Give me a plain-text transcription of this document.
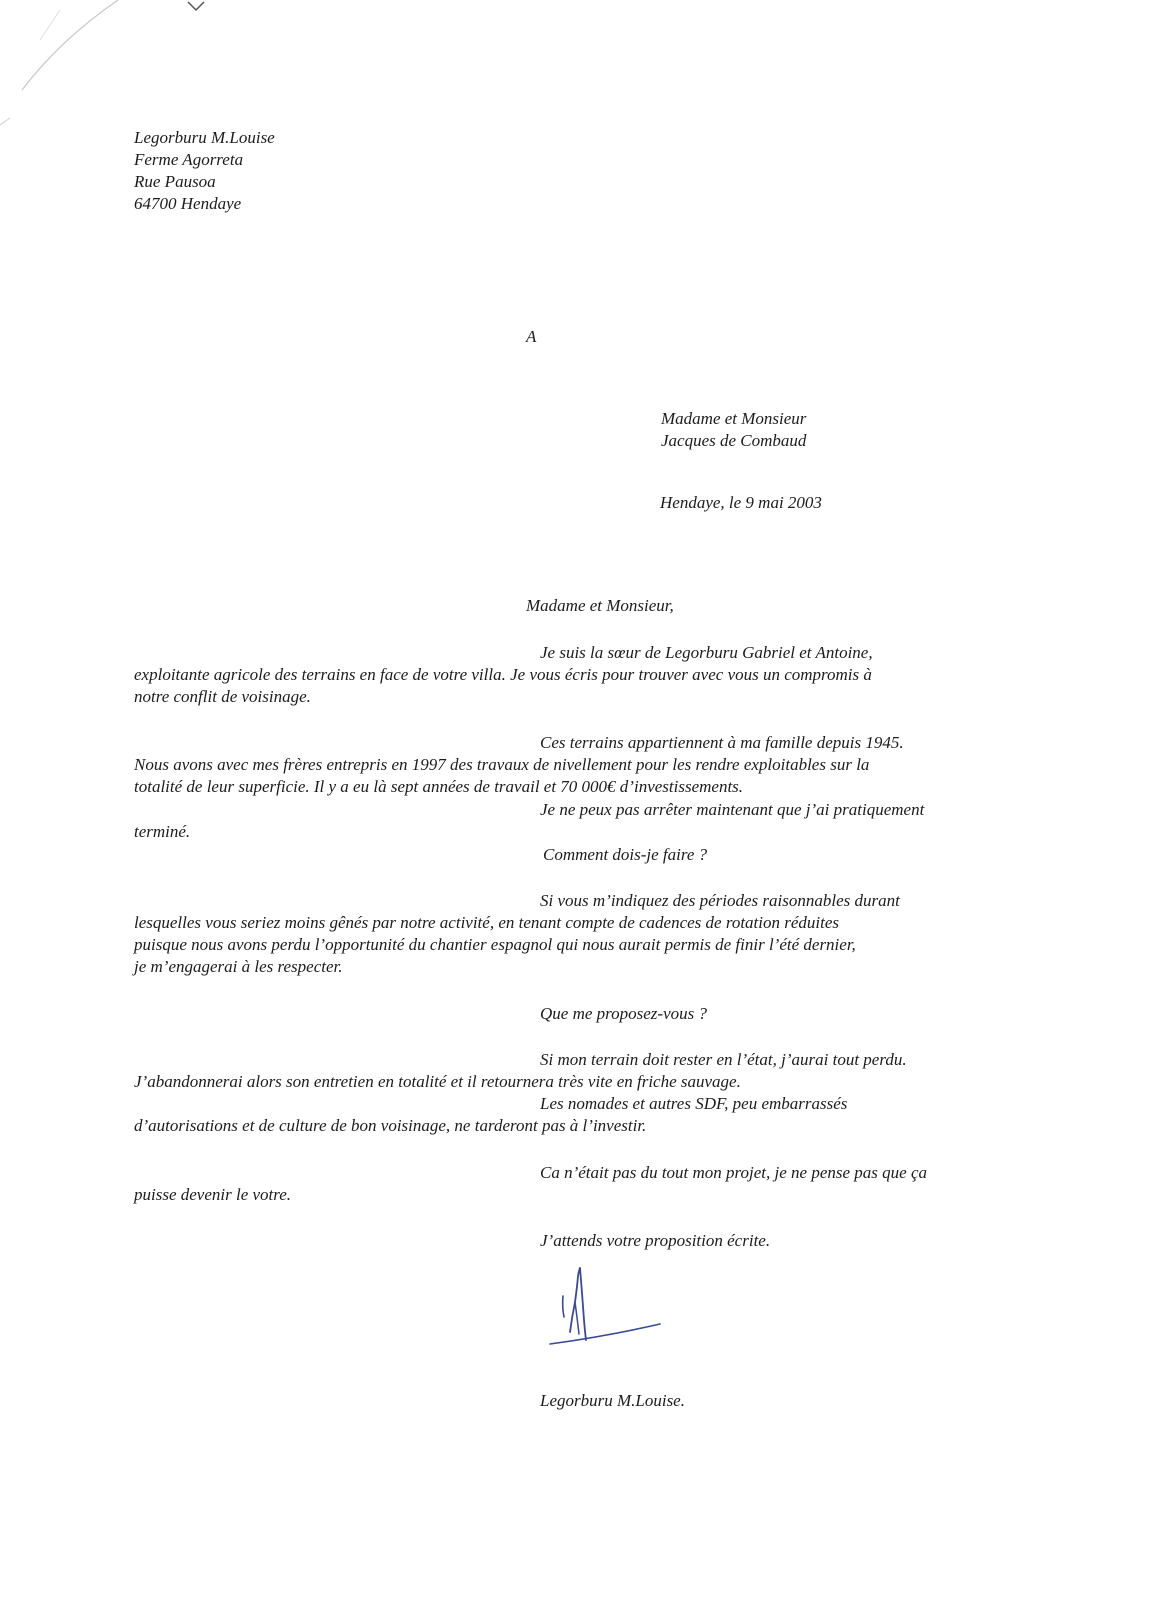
Legorburu M.Louise
Ferme Agorreta
Rue Pausoa
64700 Hendaye
A
Madame et Monsieur
Jacques de Combaud
Hendaye, le 9 mai 2003
Madame et Monsieur,
Je suis la sœur de Legorburu Gabriel et Antoine,
exploitante agricole des terrains en face de votre villa. Je vous écris pour trouver avec vous un compromis à
notre conflit de voisinage.
Ces terrains appartiennent à ma famille depuis 1945.
Nous avons avec mes frères entrepris en 1997 des travaux de nivellement pour les rendre exploitables sur la
totalité de leur superficie. Il y a eu là sept années de travail et 70 000€ d’investissements.
Je ne peux pas arrêter maintenant que j’ai pratiquement
terminé.
Comment dois-je faire ?
Si vous m’indiquez des périodes raisonnables durant
lesquelles vous seriez moins gênés par notre activité, en tenant compte de cadences de rotation réduites
puisque nous avons perdu l’opportunité du chantier espagnol qui nous aurait permis de finir l’été dernier,
je m’engagerai à les respecter.
Que me proposez-vous ?
Si mon terrain doit rester en l’état, j’aurai tout perdu.
J’abandonnerai alors son entretien en totalité et il retournera très vite en friche sauvage.
Les nomades et autres SDF, peu embarrassés
d’autorisations et de culture de bon voisinage, ne tarderont pas à l’investir.
Ca n’était pas du tout mon projet, je ne pense pas que ça
puisse devenir le votre.
J’attends votre proposition écrite.
Legorburu M.Louise.
